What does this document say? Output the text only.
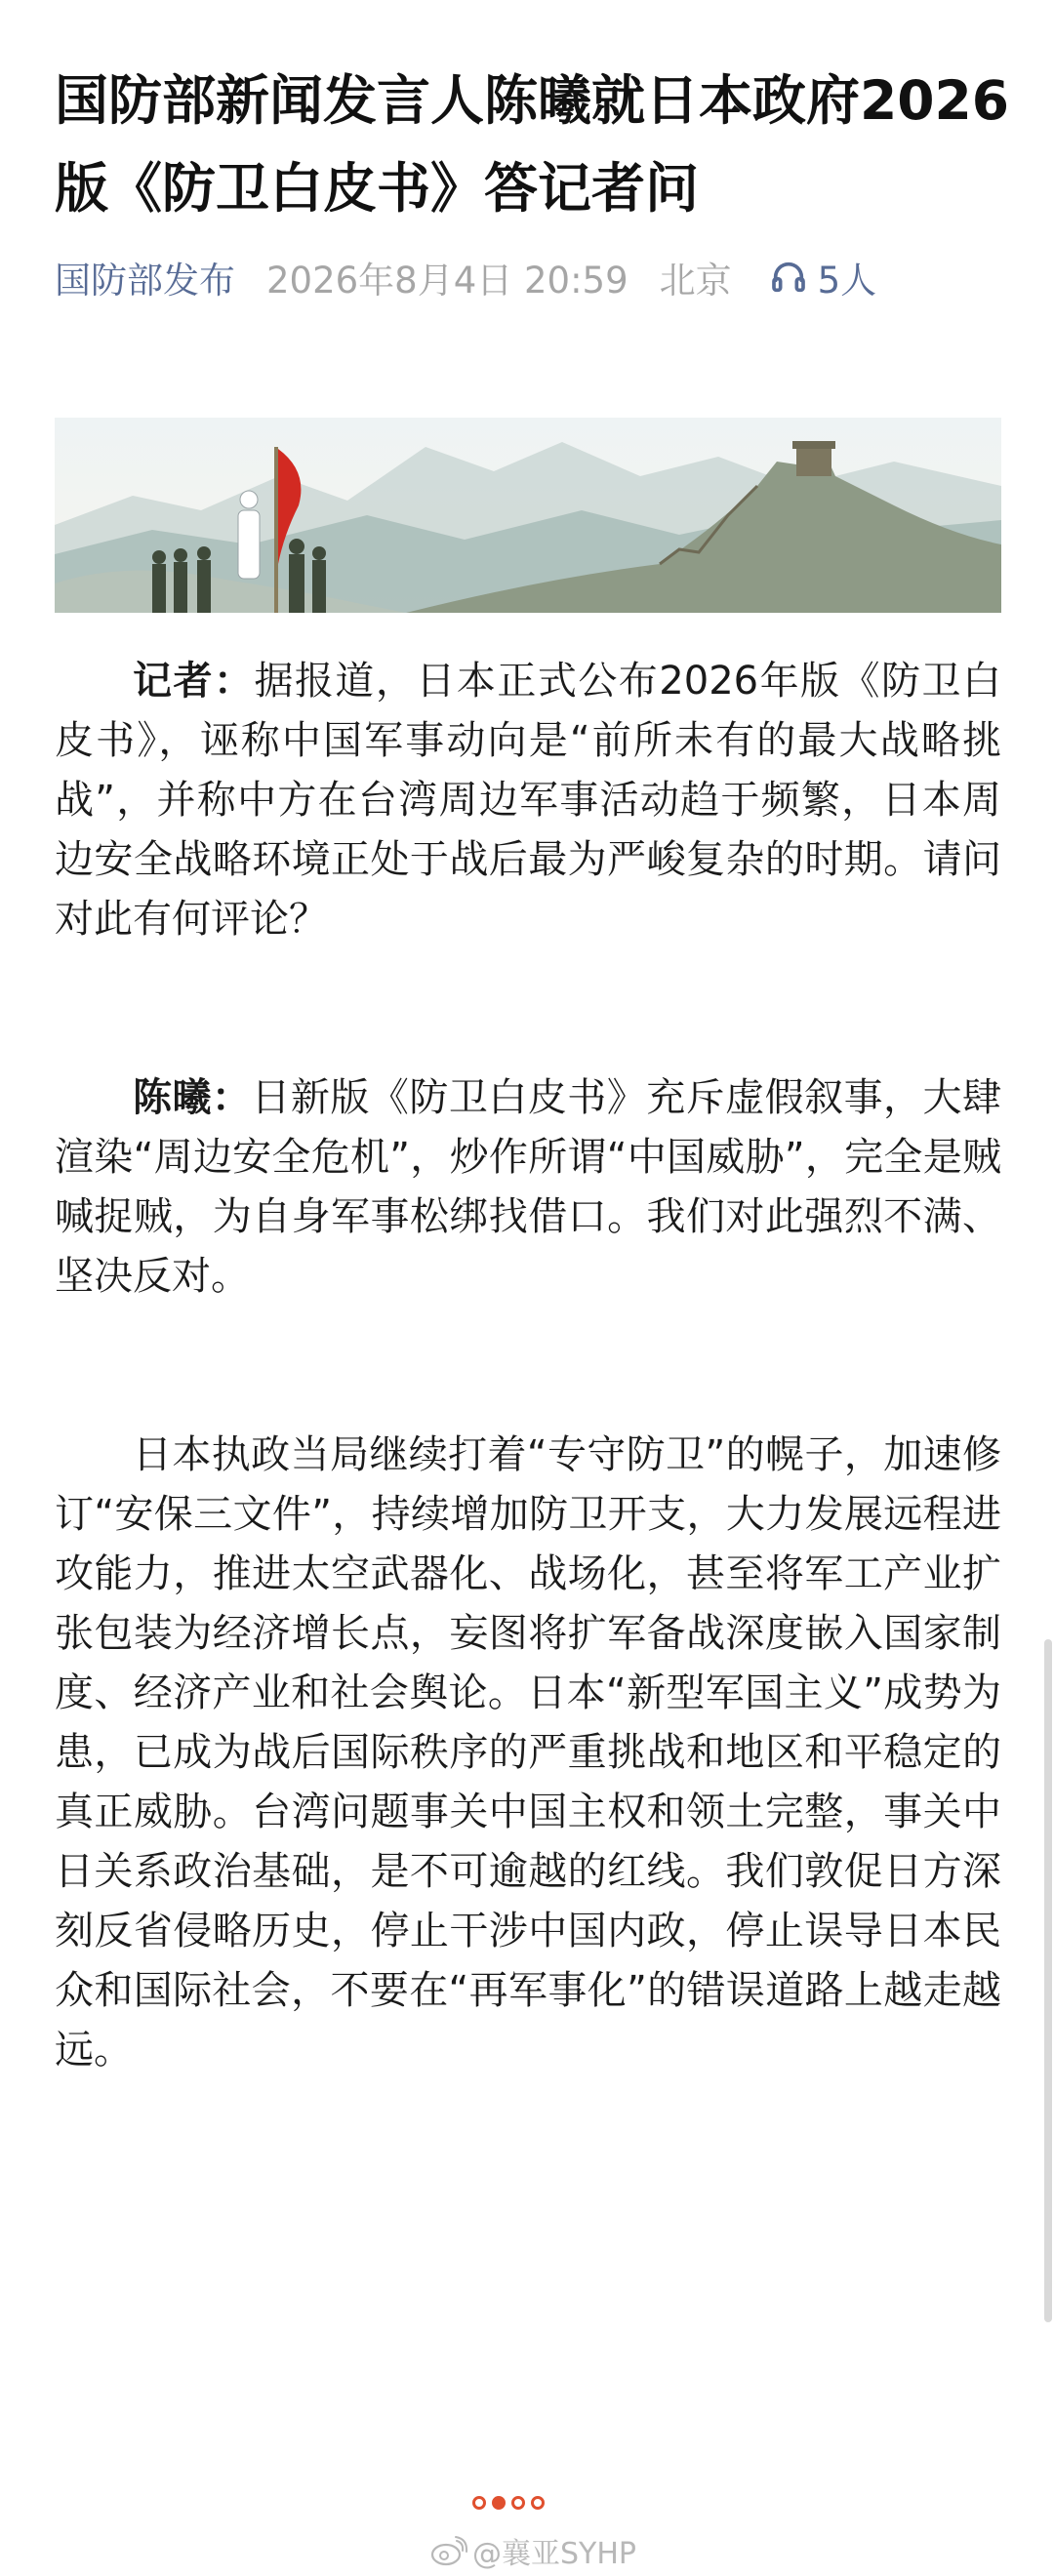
国防部新闻发言人陈曦就日本政府2026版《防卫白皮书》答记者问
国防部发布 2026年8月4日 20:59 北京 5人

记者：据报道，日本正式公布2026年版《防卫白皮书》，诬称中国军事动向是“前所未有的最大战略挑战”，并称中方在台湾周边军事活动趋于频繁，日本周边安全战略环境正处于战后最为严峻复杂的时期。请问对此有何评论？

陈曦：日新版《防卫白皮书》充斥虚假叙事，大肆渲染“周边安全危机”，炒作所谓“中国威胁”，完全是贼喊捉贼，为自身军事松绑找借口。我们对此强烈不满、坚决反对。

日本执政当局继续打着“专守防卫”的幌子，加速修订“安保三文件”，持续增加防卫开支，大力发展远程进攻能力，推进太空武器化、战场化，甚至将军工产业扩张包装为经济增长点，妄图将扩军备战深度嵌入国家制度、经济产业和社会舆论。日本“新型军国主义”成势为患，已成为战后国际秩序的严重挑战和地区和平稳定的真正威胁。台湾问题事关中国主权和领土完整，事关中日关系政治基础，是不可逾越的红线。我们敦促日方深刻反省侵略历史，停止干涉中国内政，停止误导日本民众和国际社会，不要在“再军事化”的错误道路上越走越远。

@襄亚SYHP
